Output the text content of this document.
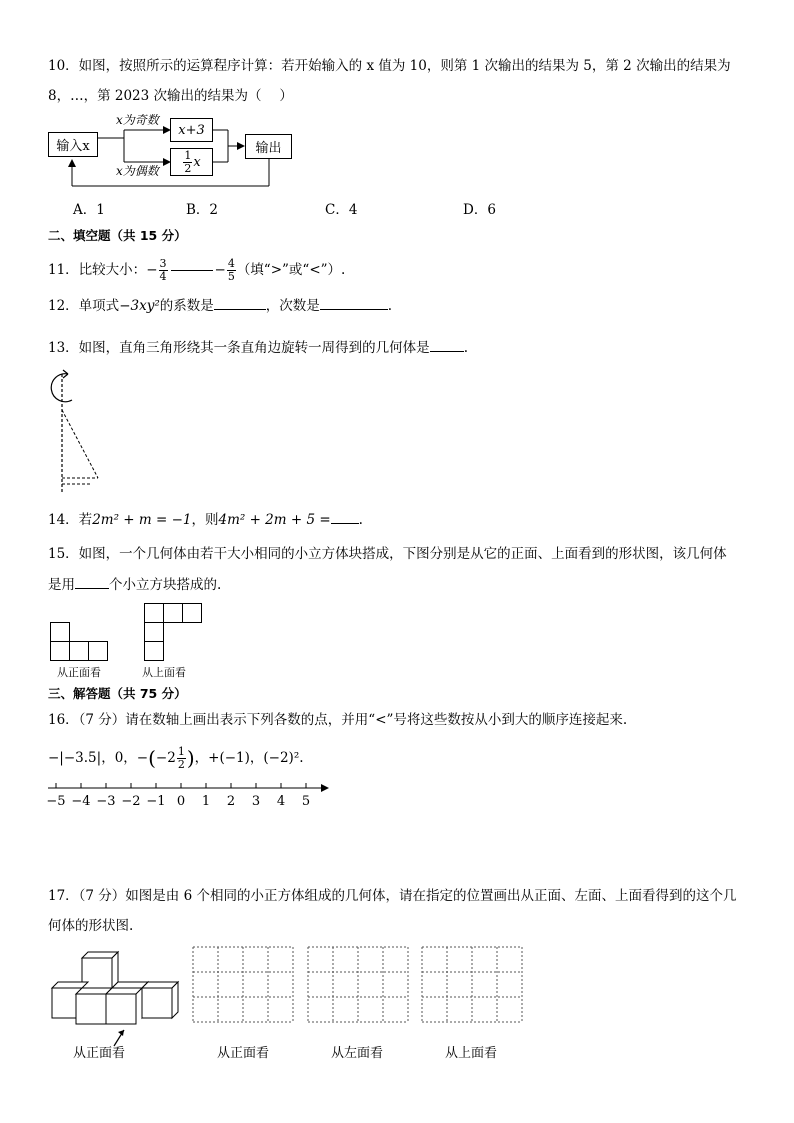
10．如图，按照所示的运算程序计算：若开始输入的 x 值为 10，则第 1 次输出的结果为 5，第 2 次输出的结果为
8，…，第 2023 次输出的结果为（　 ）
输入x
x为奇数
x+3
$\frac{1}{2}$ x
x为偶数
输出
A．1	B．2	C．4	D．6
二、填空题（共 15 分）
11．比较大小： − $\frac{3}{4}$	− $\frac{4}{5}$ （填“>”或“<”）.
12．单项式−3xy²的系数是	，次数是	.
13．如图，直角三角形绕其一条直角边旋转一周得到的几何体是	.
14．若2m² + m = −1，则4m² + 2m + 5 = .
15．如图，一个几何体由若干大小相同的小立方体块搭成，下图分别是从它的正面、上面看到的形状图，该几何体
是用	个小立方块搭成的.
从正面看	从上面看
三、解答题（共 75 分）
16．（7 分）请在数轴上画出表示下列各数的点，并用“<”号将这些数按从小到大的顺序连接起来.
−|−3.5| ， 0 ， − ( $-2 \frac{1}{2}$ ) ， +(−1) ， (−2)² .
−5 −4 −3 −2 −1 0 1 2 3 4 5
17．（7 分）如图是由 6 个相同的小正方体组成的几何体，请在指定的位置画出从正面、左面、上面看得到的这个几
何体的形状图.
从正面看	从正面看	从左面看	从上面看
